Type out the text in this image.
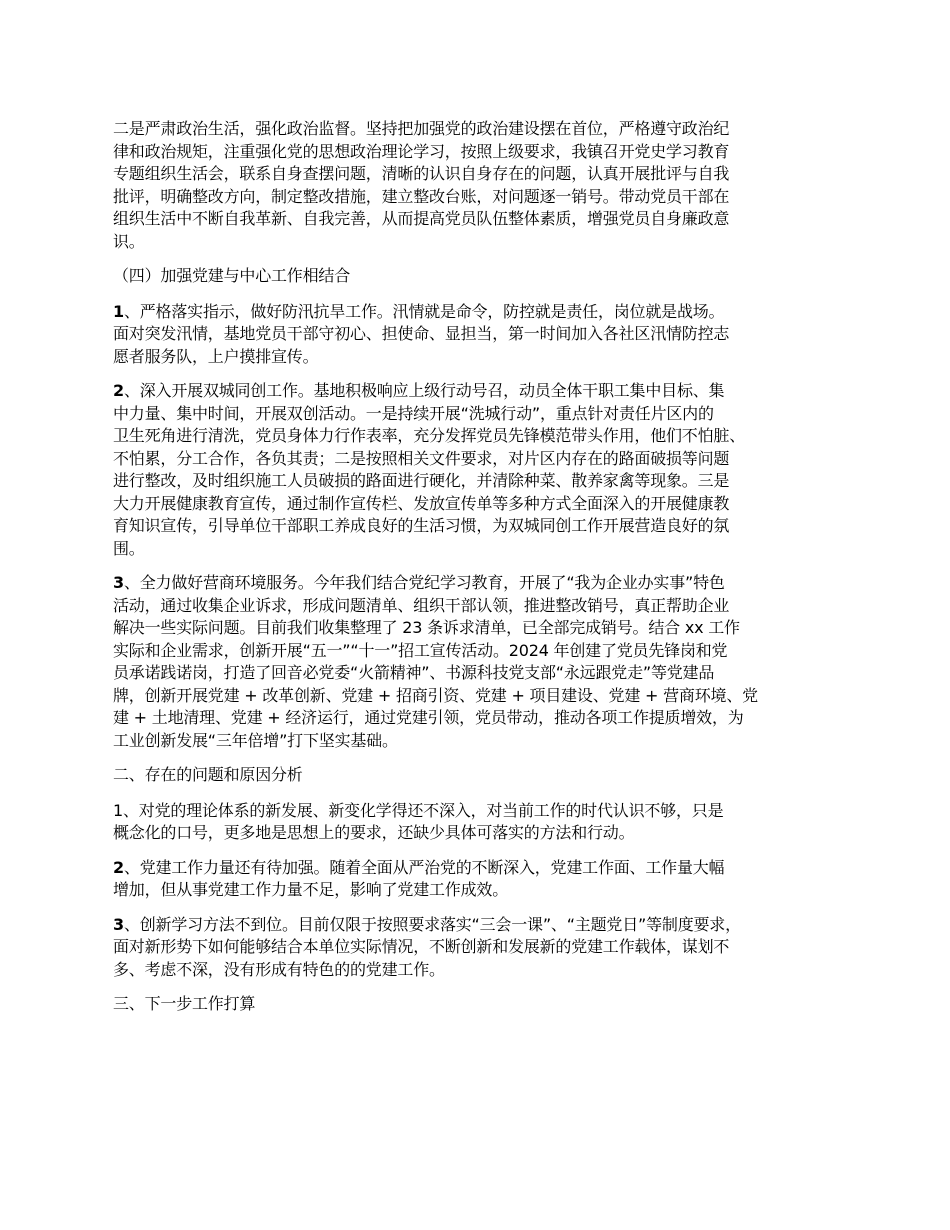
二是严肃政治生活，强化政治监督。坚持把加强党的政治建设摆在首位，严格遵守政治纪
律和政治规矩，注重强化党的思想政治理论学习，按照上级要求，我镇召开党史学习教育
专题组织生活会，联系自身查摆问题，清晰的认识自身存在的问题，认真开展批评与自我
批评，明确整改方向，制定整改措施，建立整改台账，对问题逐一销号。带动党员干部在
组织生活中不断自我革新、自我完善，从而提高党员队伍整体素质，增强党员自身廉政意
识。
（四）加强党建与中心工作相结合
1、严格落实指示，做好防汛抗旱工作。汛情就是命令，防控就是责任，岗位就是战场。
面对突发汛情，基地党员干部守初心、担使命、显担当，第一时间加入各社区汛情防控志
愿者服务队，上户摸排宣传。
2、深入开展双城同创工作。基地积极响应上级行动号召，动员全体干职工集中目标、集
中力量、集中时间，开展双创活动。一是持续开展“洗城行动”，重点针对责任片区内的
卫生死角进行清洗，党员身体力行作表率，充分发挥党员先锋模范带头作用，他们不怕脏、
不怕累，分工合作，各负其责；二是按照相关文件要求，对片区内存在的路面破损等问题
进行整改，及时组织施工人员破损的路面进行硬化，并清除种菜、散养家禽等现象。三是
大力开展健康教育宣传，通过制作宣传栏、发放宣传单等多种方式全面深入的开展健康教
育知识宣传，引导单位干部职工养成良好的生活习惯，为双城同创工作开展营造良好的氛
围。
3、全力做好营商环境服务。今年我们结合党纪学习教育，开展了“我为企业办实事”特色
活动，通过收集企业诉求，形成问题清单、组织干部认领，推进整改销号，真正帮助企业
解决一些实际问题。目前我们收集整理了 23 条诉求清单，已全部完成销号。结合 xx 工作
实际和企业需求，创新开展“五一”“十一”招工宣传活动。2024 年创建了党员先锋岗和党
员承诺践诺岗，打造了回音必党委“火箭精神”、书源科技党支部“永远跟党走”等党建品
牌，创新开展党建 + 改革创新、党建 + 招商引资、党建 + 项目建设、党建 + 营商环境、党
建 + 土地清理、党建 + 经济运行，通过党建引领，党员带动，推动各项工作提质增效，为
工业创新发展“三年倍增”打下坚实基础。
二、存在的问题和原因分析
1、对党的理论体系的新发展、新变化学得还不深入，对当前工作的时代认识不够，只是
概念化的口号，更多地是思想上的要求，还缺少具体可落实的方法和行动。
2、党建工作力量还有待加强。随着全面从严治党的不断深入，党建工作面、工作量大幅
增加，但从事党建工作力量不足，影响了党建工作成效。
3、创新学习方法不到位。目前仅限于按照要求落实“三会一课”、“主题党日”等制度要求，
面对新形势下如何能够结合本单位实际情况，不断创新和发展新的党建工作载体，谋划不
多、考虑不深，没有形成有特色的的党建工作。
三、下一步工作打算
